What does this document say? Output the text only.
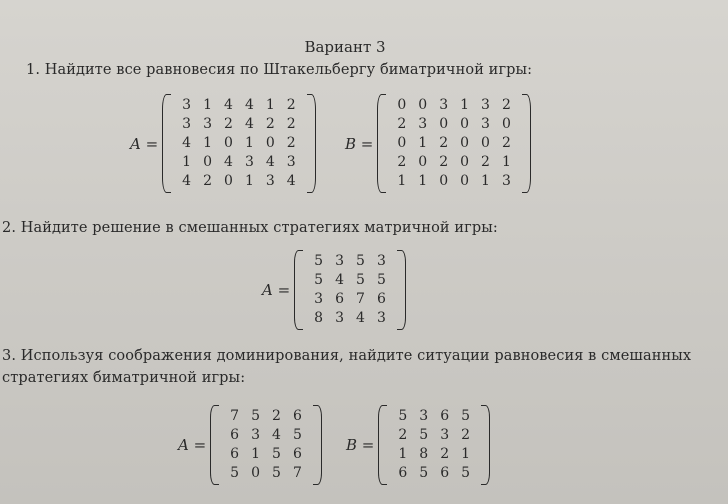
Вариант 3
1. Найдите все равновесия по Штакельбергу биматричной игры:
A =
3	1	4	4	1	2
3	3	2	4	2	2
4	1	0	1	0	2
1	0	4	3	4	3
4	2	0	1	3	4
B =
0	0	3	1	3	2
2	3	0	0	3	0
0	1	2	0	0	2
2	0	2	0	2	1
1	1	0	0	1	3
2. Найдите решение в смешанных стратегиях матричной игры:
A =
5	3	5	3
5	4	5	5
3	6	7	6
8	3	4	3
3. Используя соображения доминирования, найдите ситуации равновесия в смешанных
стратегиях биматричной игры:
A =
7	5	2	6
6	3	4	5
6	1	5	6
5	0	5	7
B =
5	3	6	5
2	5	3	2
1	8	2	1
6	5	6	5
